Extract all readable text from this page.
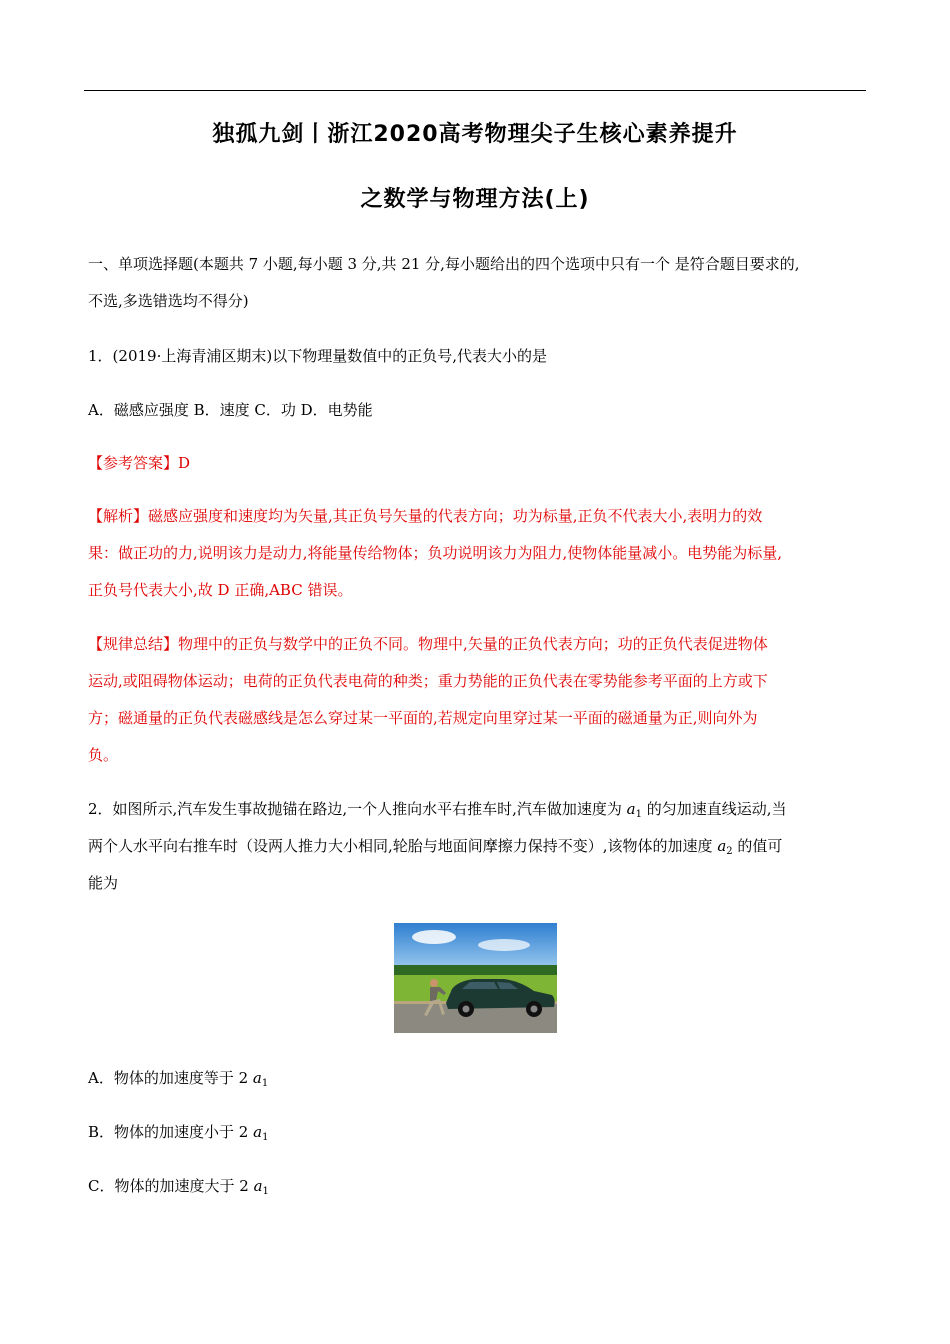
独孤九剑丨浙江2020高考物理尖子生核心素养提升
之数学与物理方法(上)
一、单项选择题(本题共 7 小题,每小题 3 分,共 21 分,每小题给出的四个选项中只有一个 是符合题目要求的,
不选,多选错选均不得分)
1．(2019·上海青浦区期末)以下物理量数值中的正负号,代表大小的是
A．磁感应强度 B．速度 C．功 D．电势能
【参考答案】D
【解析】磁感应强度和速度均为矢量,其正负号矢量的代表方向；功为标量,正负不代表大小,表明力的效
果：做正功的力,说明该力是动力,将能量传给物体；负功说明该力为阻力,使物体能量减小。电势能为标量,
正负号代表大小,故 D 正确,ABC 错误。
【规律总结】物理中的正负与数学中的正负不同。物理中,矢量的正负代表方向；功的正负代表促进物体
运动,或阻碍物体运动；电荷的正负代表电荷的种类；重力势能的正负代表在零势能参考平面的上方或下
方；磁通量的正负代表磁感线是怎么穿过某一平面的,若规定向里穿过某一平面的磁通量为正,则向外为
负。
2．如图所示,汽车发生事故抛锚在路边,一个人推向水平右推车时,汽车做加速度为 $a_1$ 的匀加速直线运动,当
两个人水平向右推车时（设两人推力大小相同,轮胎与地面间摩擦力保持不变）,该物体的加速度 $a_2$ 的值可
能为
A．物体的加速度等于 2 $a_1$
B．物体的加速度小于 2 $a_1$
C．物体的加速度大于 2 $a_1$
